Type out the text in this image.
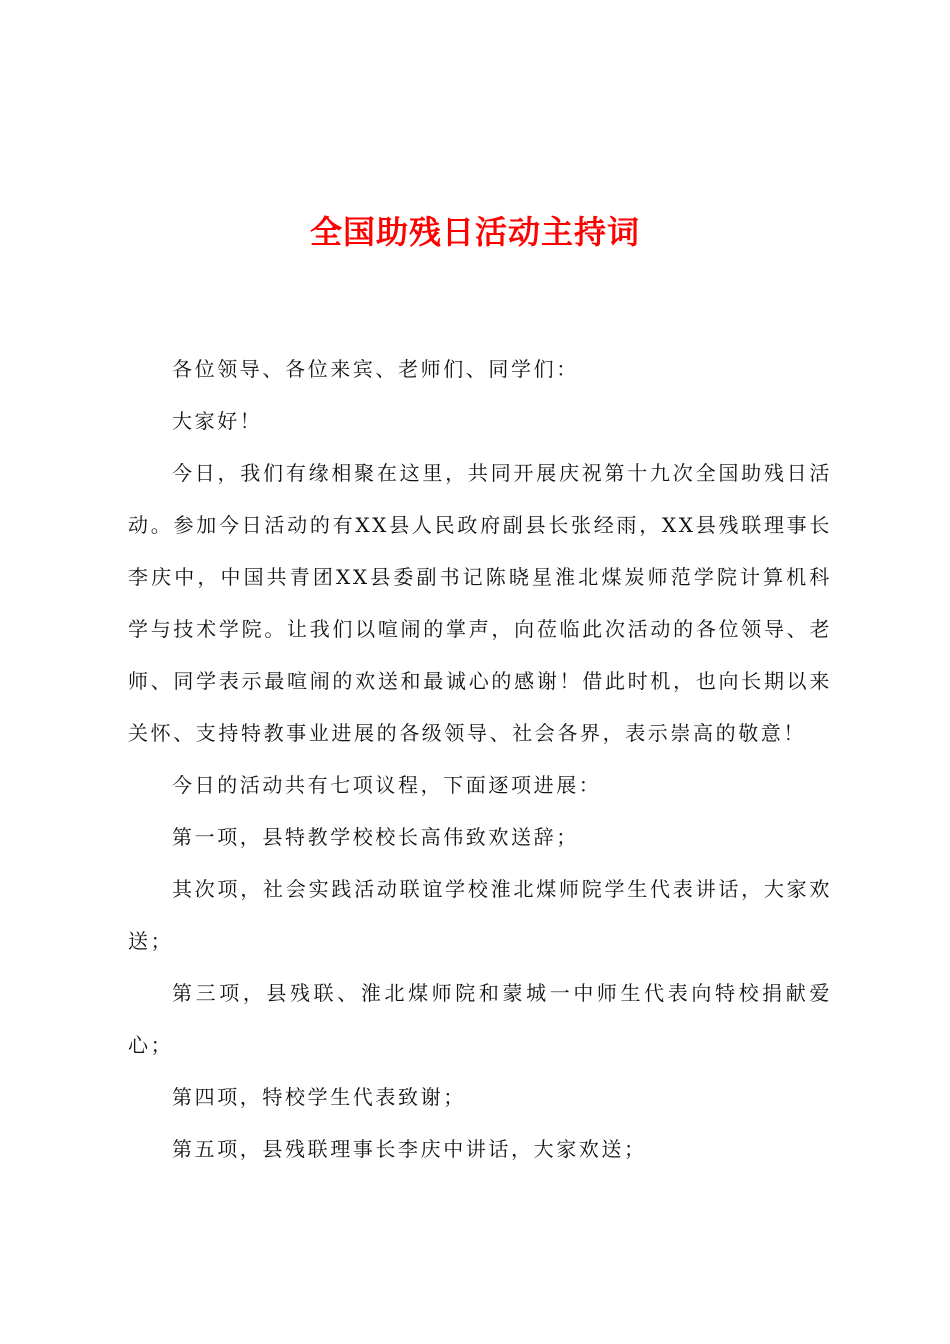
全国助残日活动主持词

各位领导、各位来宾、老师们、同学们：

大家好！

今日，我们有缘相聚在这里，共同开展庆祝第十九次全国助残日活动。参加今日活动的有XX县人民政府副县长张经雨，XX县残联理事长李庆中，中国共青团XX县委副书记陈晓星淮北煤炭师范学院计算机科学与技术学院。让我们以喧闹的掌声，向莅临此次活动的各位领导、老师、同学表示最喧闹的欢送和最诚心的感谢！借此时机，也向长期以来关怀、支持特教事业进展的各级领导、社会各界，表示崇高的敬意！

今日的活动共有七项议程，下面逐项进展：

第一项，县特教学校校长高伟致欢送辞；

其次项，社会实践活动联谊学校淮北煤师院学生代表讲话，大家欢送；

第三项，县残联、淮北煤师院和蒙城一中师生代表向特校捐献爱心；

第四项，特校学生代表致谢；

第五项，县残联理事长李庆中讲话，大家欢送；
